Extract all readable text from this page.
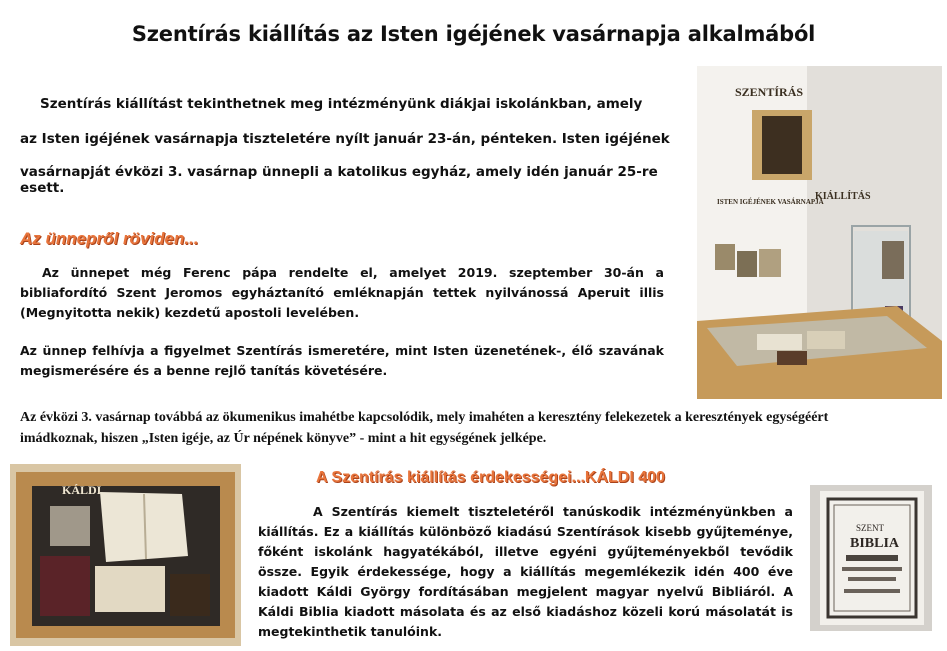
Szentírás kiállítás az Isten igéjének vasárnapja alkalmából
Szentírás kiállítást tekinthetnek meg intézményünk diákjai iskolánkban, amely
az Isten igéjének vasárnapja tiszteletére nyílt január 23-án, pénteken. Isten igéjének
vasárnapját évközi 3. vasárnap ünnepli a katolikus egyház, amely idén január 25-re esett.
Az ünnepről röviden...
Az ünnepet még Ferenc pápa rendelte el, amelyet 2019. szeptember 30-án a bibliafordító Szent Jeromos egyháztanító emléknapján tettek nyilvánossá Aperuit illis (Megnyitotta nekik) kezdetű apostoli levelében.
Az ünnep felhívja a figyelmet Szentírás ismeretére, mint Isten üzenetének-, élő szavának megismerésére és a benne rejlő tanítás követésére.
Az évközi 3. vasárnap továbbá az ökumenikus imahétbe kapcsolódik, mely imahéten a keresztény felekezetek a keresztények egységéért
imádkoznak, hiszen „Isten igéje, az Úr népének könyve” - mint a hit egységének jelképe.
A Szentírás kiállítás érdekességei...KÁLDI 400
A Szentírás kiemelt tiszteletéről tanúskodik intézményünkben a kiállítás. Ez a kiállítás különböző kiadású Szentírások kisebb gyűjteménye, főként iskolánk hagyatékából, illetve egyéni gyűjteményekből tevődik össze. Egyik érdekessége, hogy a kiállítás megemlékezik idén 400 éve kiadott Káldi György fordításában megjelent magyar nyelvű Bibliáról. A Káldi Biblia kiadott másolata és az első kiadáshoz közeli korú másolatát is megtekinthetik tanulóink.
SZENTÍRÁS
ISTEN IGÉJÉNEK VASÁRNAPJA
KIÁLLÍTÁS
KÁLDI
SZENT
BIBLIA
